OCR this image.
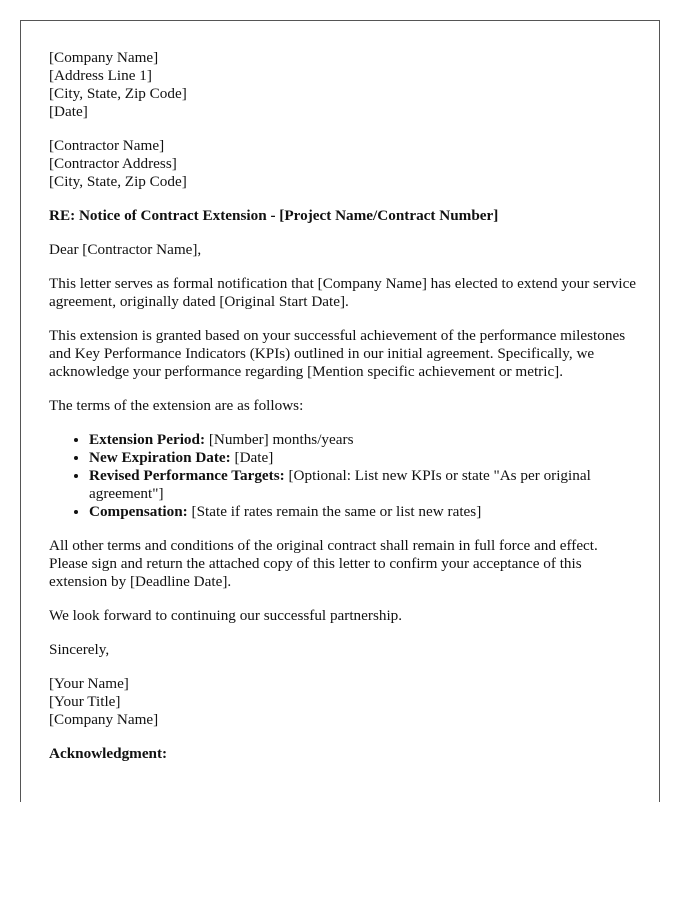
[Company Name]
[Address Line 1]
[City, State, Zip Code]
[Date]
[Contractor Name]
[Contractor Address]
[City, State, Zip Code]

RE: Notice of Contract Extension - [Project Name/Contract Number]

Dear [Contractor Name],

This letter serves as formal notification that [Company Name] has elected to extend your service agreement, originally dated [Original Start Date].

This extension is granted based on your successful achievement of the performance milestones and Key Performance Indicators (KPIs) outlined in our initial agreement. Specifically, we acknowledge your performance regarding [Mention specific achievement or metric].

The terms of the extension are as follows:

• Extension Period: [Number] months/years
• New Expiration Date: [Date]
• Revised Performance Targets: [Optional: List new KPIs or state "As per original agreement"]
• Compensation: [State if rates remain the same or list new rates]

All other terms and conditions of the original contract shall remain in full force and effect. Please sign and return the attached copy of this letter to confirm your acceptance of this extension by [Deadline Date].

We look forward to continuing our successful partnership.

Sincerely,

[Your Name]
[Your Title]
[Company Name]

Acknowledgment:
